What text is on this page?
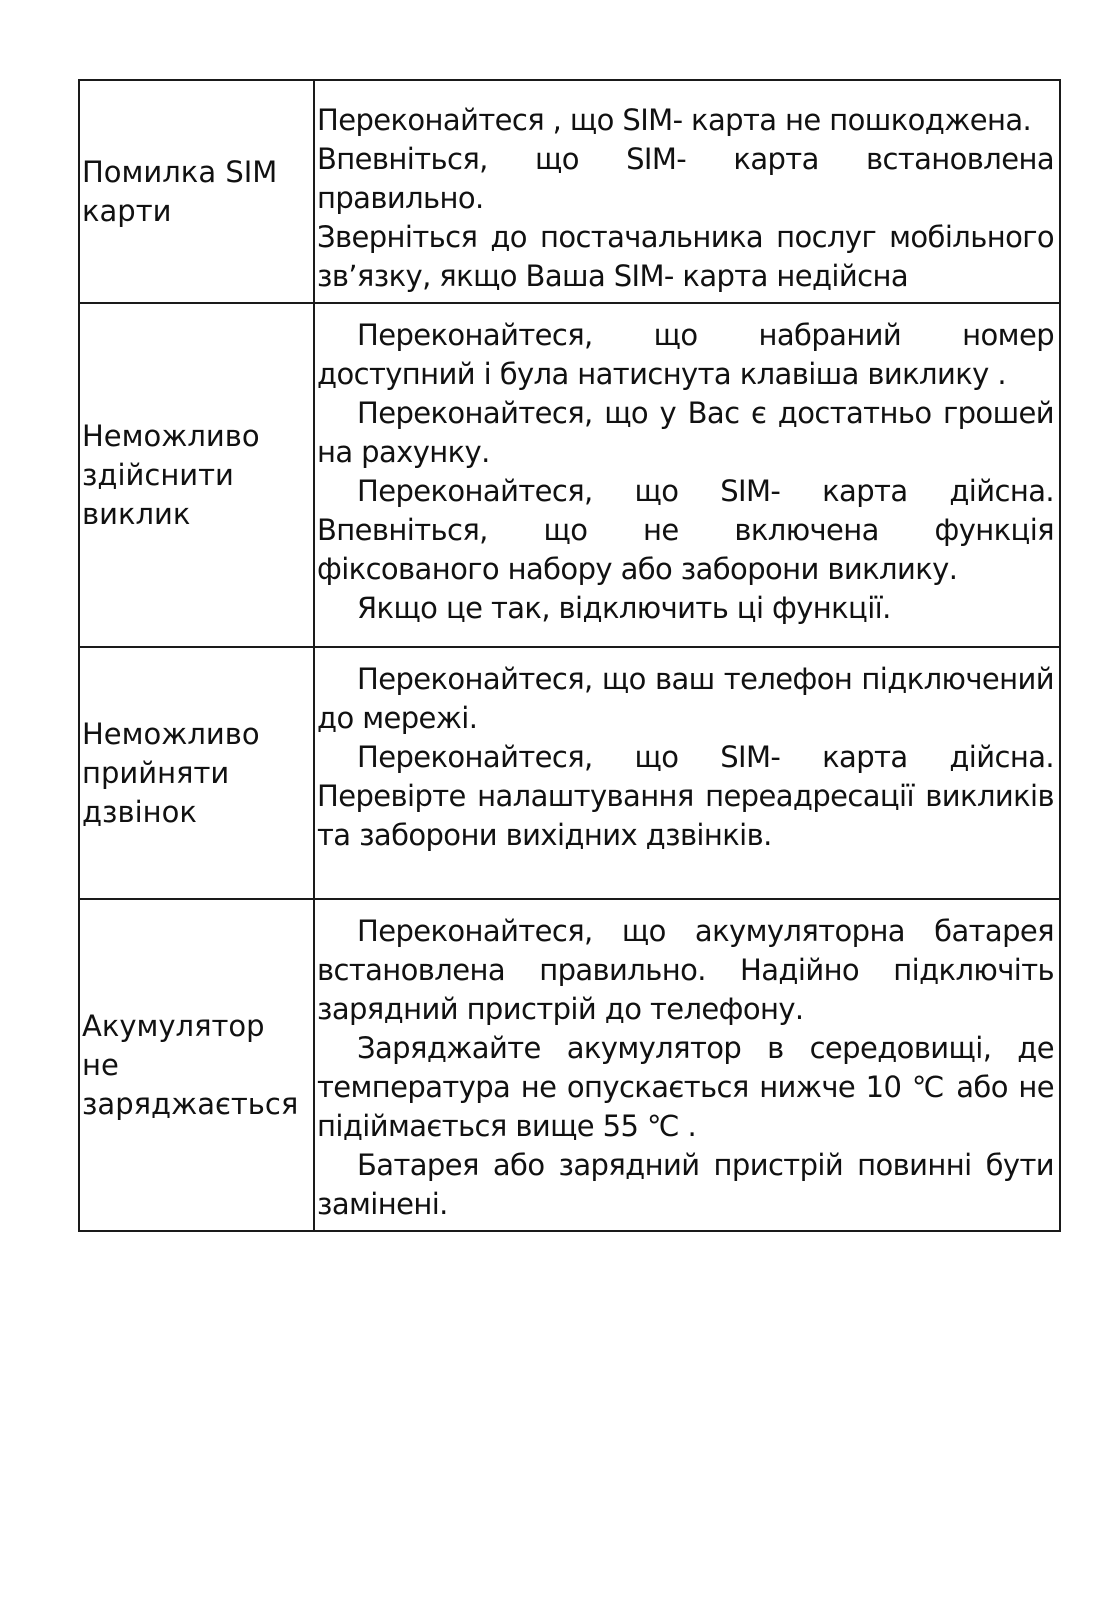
Помилка SIM карти	Переконайтеся , що SIM- карта не пошкоджена.

Впевніться, що SIM- карта встановлена правильно.

Зверніться до постачальника послуг мобільного зв’язку, якщо Ваша SIM- карта недійсна

Неможливо здійснити виклик	Переконайтеся, що набраний номер доступний і була натиснута клавіша виклику .

Переконайтеся, що у Вас є достатньо грошей на рахунку.

Переконайтеся, що SIM- карта дійсна. Впевніться, що не включена функція фіксованого набору або заборони виклику.

Якщо це так, відключить ці функції.

Неможливо прийняти дзвінок	Переконайтеся, що ваш телефон підключений до мережі.

Переконайтеся, що SIM- карта дійсна. Перевірте налаштування переадресації викликів та заборони вихідних дзвінків.

Акумулятор не заряджається	Переконайтеся, що акумуляторна батарея встановлена правильно. Надійно підключіть зарядний пристрій до телефону.

Заряджайте акумулятор в середовищі, де температура не опускається нижче 10 ℃ або не підіймається вище 55 ℃ .

Батарея або зарядний пристрій повинні бути замінені.
